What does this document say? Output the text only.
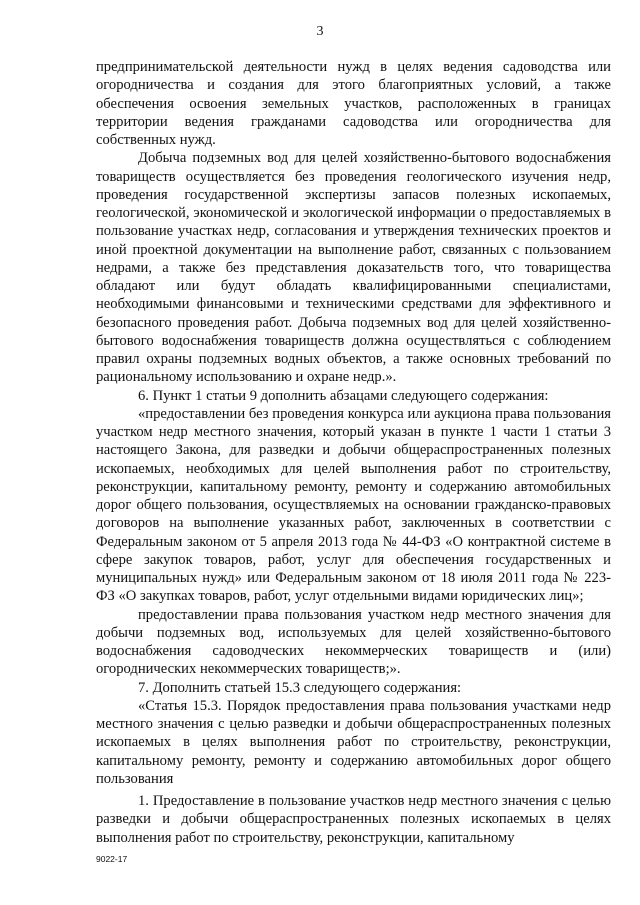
3

предпринимательской деятельности нужд в целях ведения садоводства или огородничества и создания для этого благоприятных условий, а также обеспечения освоения земельных участков, расположенных в границах территории ведения гражданами садоводства или огородничества для собственных нужд.

Добыча подземных вод для целей хозяйственно-бытового водоснабжения товариществ осуществляется без проведения геологического изучения недр, проведения государственной экспертизы запасов полезных ископаемых, геологической, экономической и экологической информации о предоставляемых в пользование участках недр, согласования и утверждения технических проектов и иной проектной документации на выполнение работ, связанных с пользованием недрами, а также без представления доказательств того, что товарищества обладают или будут обладать квалифицированными специалистами, необходимыми финансовыми и техническими средствами для эффективного и безопасного проведения работ. Добыча подземных вод для целей хозяйственно-бытового водоснабжения товариществ должна осуществляться с соблюдением правил охраны подземных водных объектов, а также основных требований по рациональному использованию и охране недр.».

6. Пункт 1 статьи 9 дополнить абзацами следующего содержания:

«предоставлении без проведения конкурса или аукциона права пользования участком недр местного значения, который указан в пункте 1 части 1 статьи 3 настоящего Закона, для разведки и добычи общераспространенных полезных ископаемых, необходимых для целей выполнения работ по строительству, реконструкции, капитальному ремонту, ремонту и содержанию автомобильных дорог общего пользования, осуществляемых на основании гражданско-правовых договоров на выполнение указанных работ, заключенных в соответствии с Федеральным законом от 5 апреля 2013 года № 44-ФЗ «О контрактной системе в сфере закупок товаров, работ, услуг для обеспечения государственных и муниципальных нужд» или Федеральным законом от 18 июля 2011 года № 223-ФЗ «О закупках товаров, работ, услуг отдельными видами юридических лиц»;

предоставлении права пользования участком недр местного значения для добычи подземных вод, используемых для целей хозяйственно-бытового водоснабжения садоводческих некоммерческих товариществ и (или) огороднических некоммерческих товариществ;».

7. Дополнить статьей 15.3 следующего содержания:

«Статья 15.3. Порядок предоставления права пользования участками недр местного значения с целью разведки и добычи общераспространенных полезных ископаемых в целях выполнения работ по строительству, реконструкции, капитальному ремонту, ремонту и содержанию автомобильных дорог общего пользования

1. Предоставление в пользование участков недр местного значения с целью разведки и добычи общераспространенных полезных ископаемых в целях выполнения работ по строительству, реконструкции, капитальному

9022-17
